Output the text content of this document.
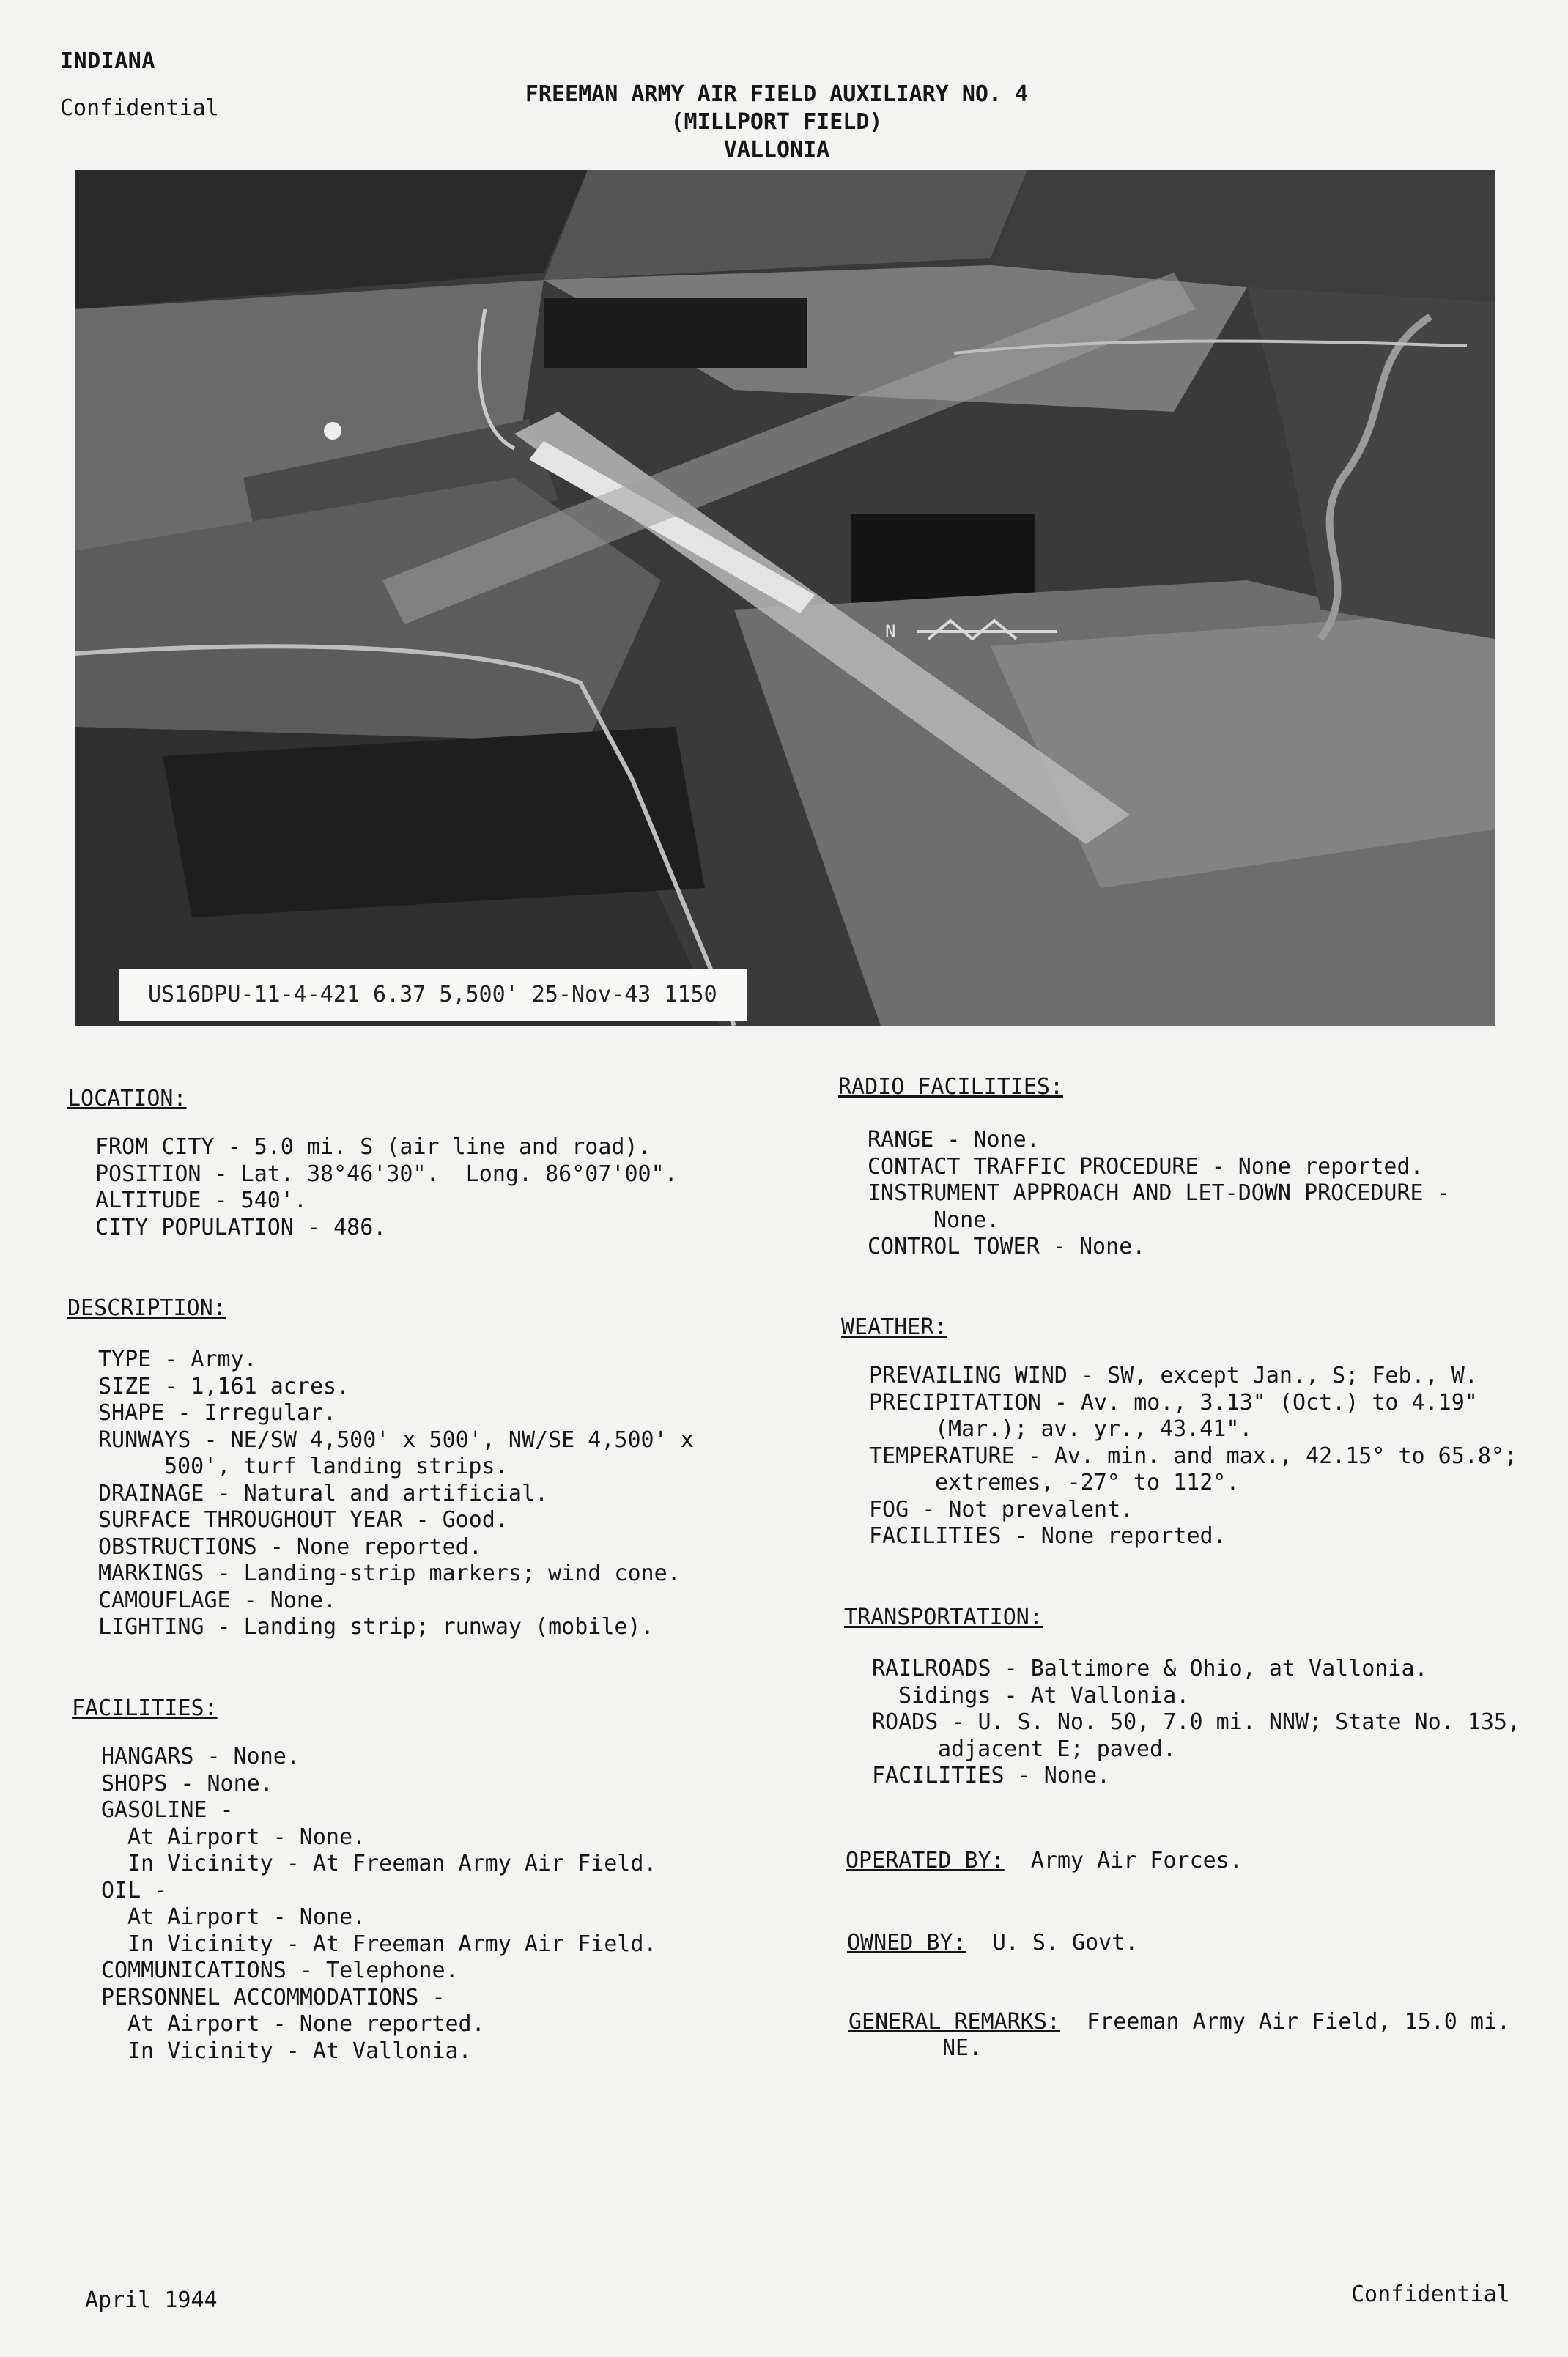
INDIANA
Confidential
FREEMAN ARMY AIR FIELD AUXILIARY NO. 4
(MILLPORT FIELD)
VALLONIA
N
US16DPU-11-4-421 6.37 5,500' 25-Nov-43 1150
LOCATION:
FROM CITY - 5.0 mi. S (air line and road).
POSITION - Lat. 38°46'30".  Long. 86°07'00".
ALTITUDE - 540'.
CITY POPULATION - 486.
DESCRIPTION:
TYPE - Army.
SIZE - 1,161 acres.
SHAPE - Irregular.
RUNWAYS - NE/SW 4,500' x 500', NW/SE 4,500' x
500', turf landing strips.
DRAINAGE - Natural and artificial.
SURFACE THROUGHOUT YEAR - Good.
OBSTRUCTIONS - None reported.
MARKINGS - Landing-strip markers; wind cone.
CAMOUFLAGE - None.
LIGHTING - Landing strip; runway (mobile).
FACILITIES:
HANGARS - None.
SHOPS - None.
GASOLINE -
At Airport - None.
In Vicinity - At Freeman Army Air Field.
OIL -
At Airport - None.
In Vicinity - At Freeman Army Air Field.
COMMUNICATIONS - Telephone.
PERSONNEL ACCOMMODATIONS -
At Airport - None reported.
In Vicinity - At Vallonia.
RADIO FACILITIES:
RANGE - None.
CONTACT TRAFFIC PROCEDURE - None reported.
INSTRUMENT APPROACH AND LET-DOWN PROCEDURE -
None.
CONTROL TOWER - None.
WEATHER:
PREVAILING WIND - SW, except Jan., S; Feb., W.
PRECIPITATION - Av. mo., 3.13" (Oct.) to 4.19"
(Mar.); av. yr., 43.41".
TEMPERATURE - Av. min. and max., 42.15° to 65.8°;
extremes, -27° to 112°.
FOG - Not prevalent.
FACILITIES - None reported.
TRANSPORTATION:
RAILROADS - Baltimore & Ohio, at Vallonia.
Sidings - At Vallonia.
ROADS - U. S. No. 50, 7.0 mi. NNW; State No. 135,
adjacent E; paved.
FACILITIES - None.
OPERATED BY: Army Air Forces.
OWNED BY: U. S. Govt.
GENERAL REMARKS: Freeman Army Air Field, 15.0 mi.
NE.
April 1944	Confidential
